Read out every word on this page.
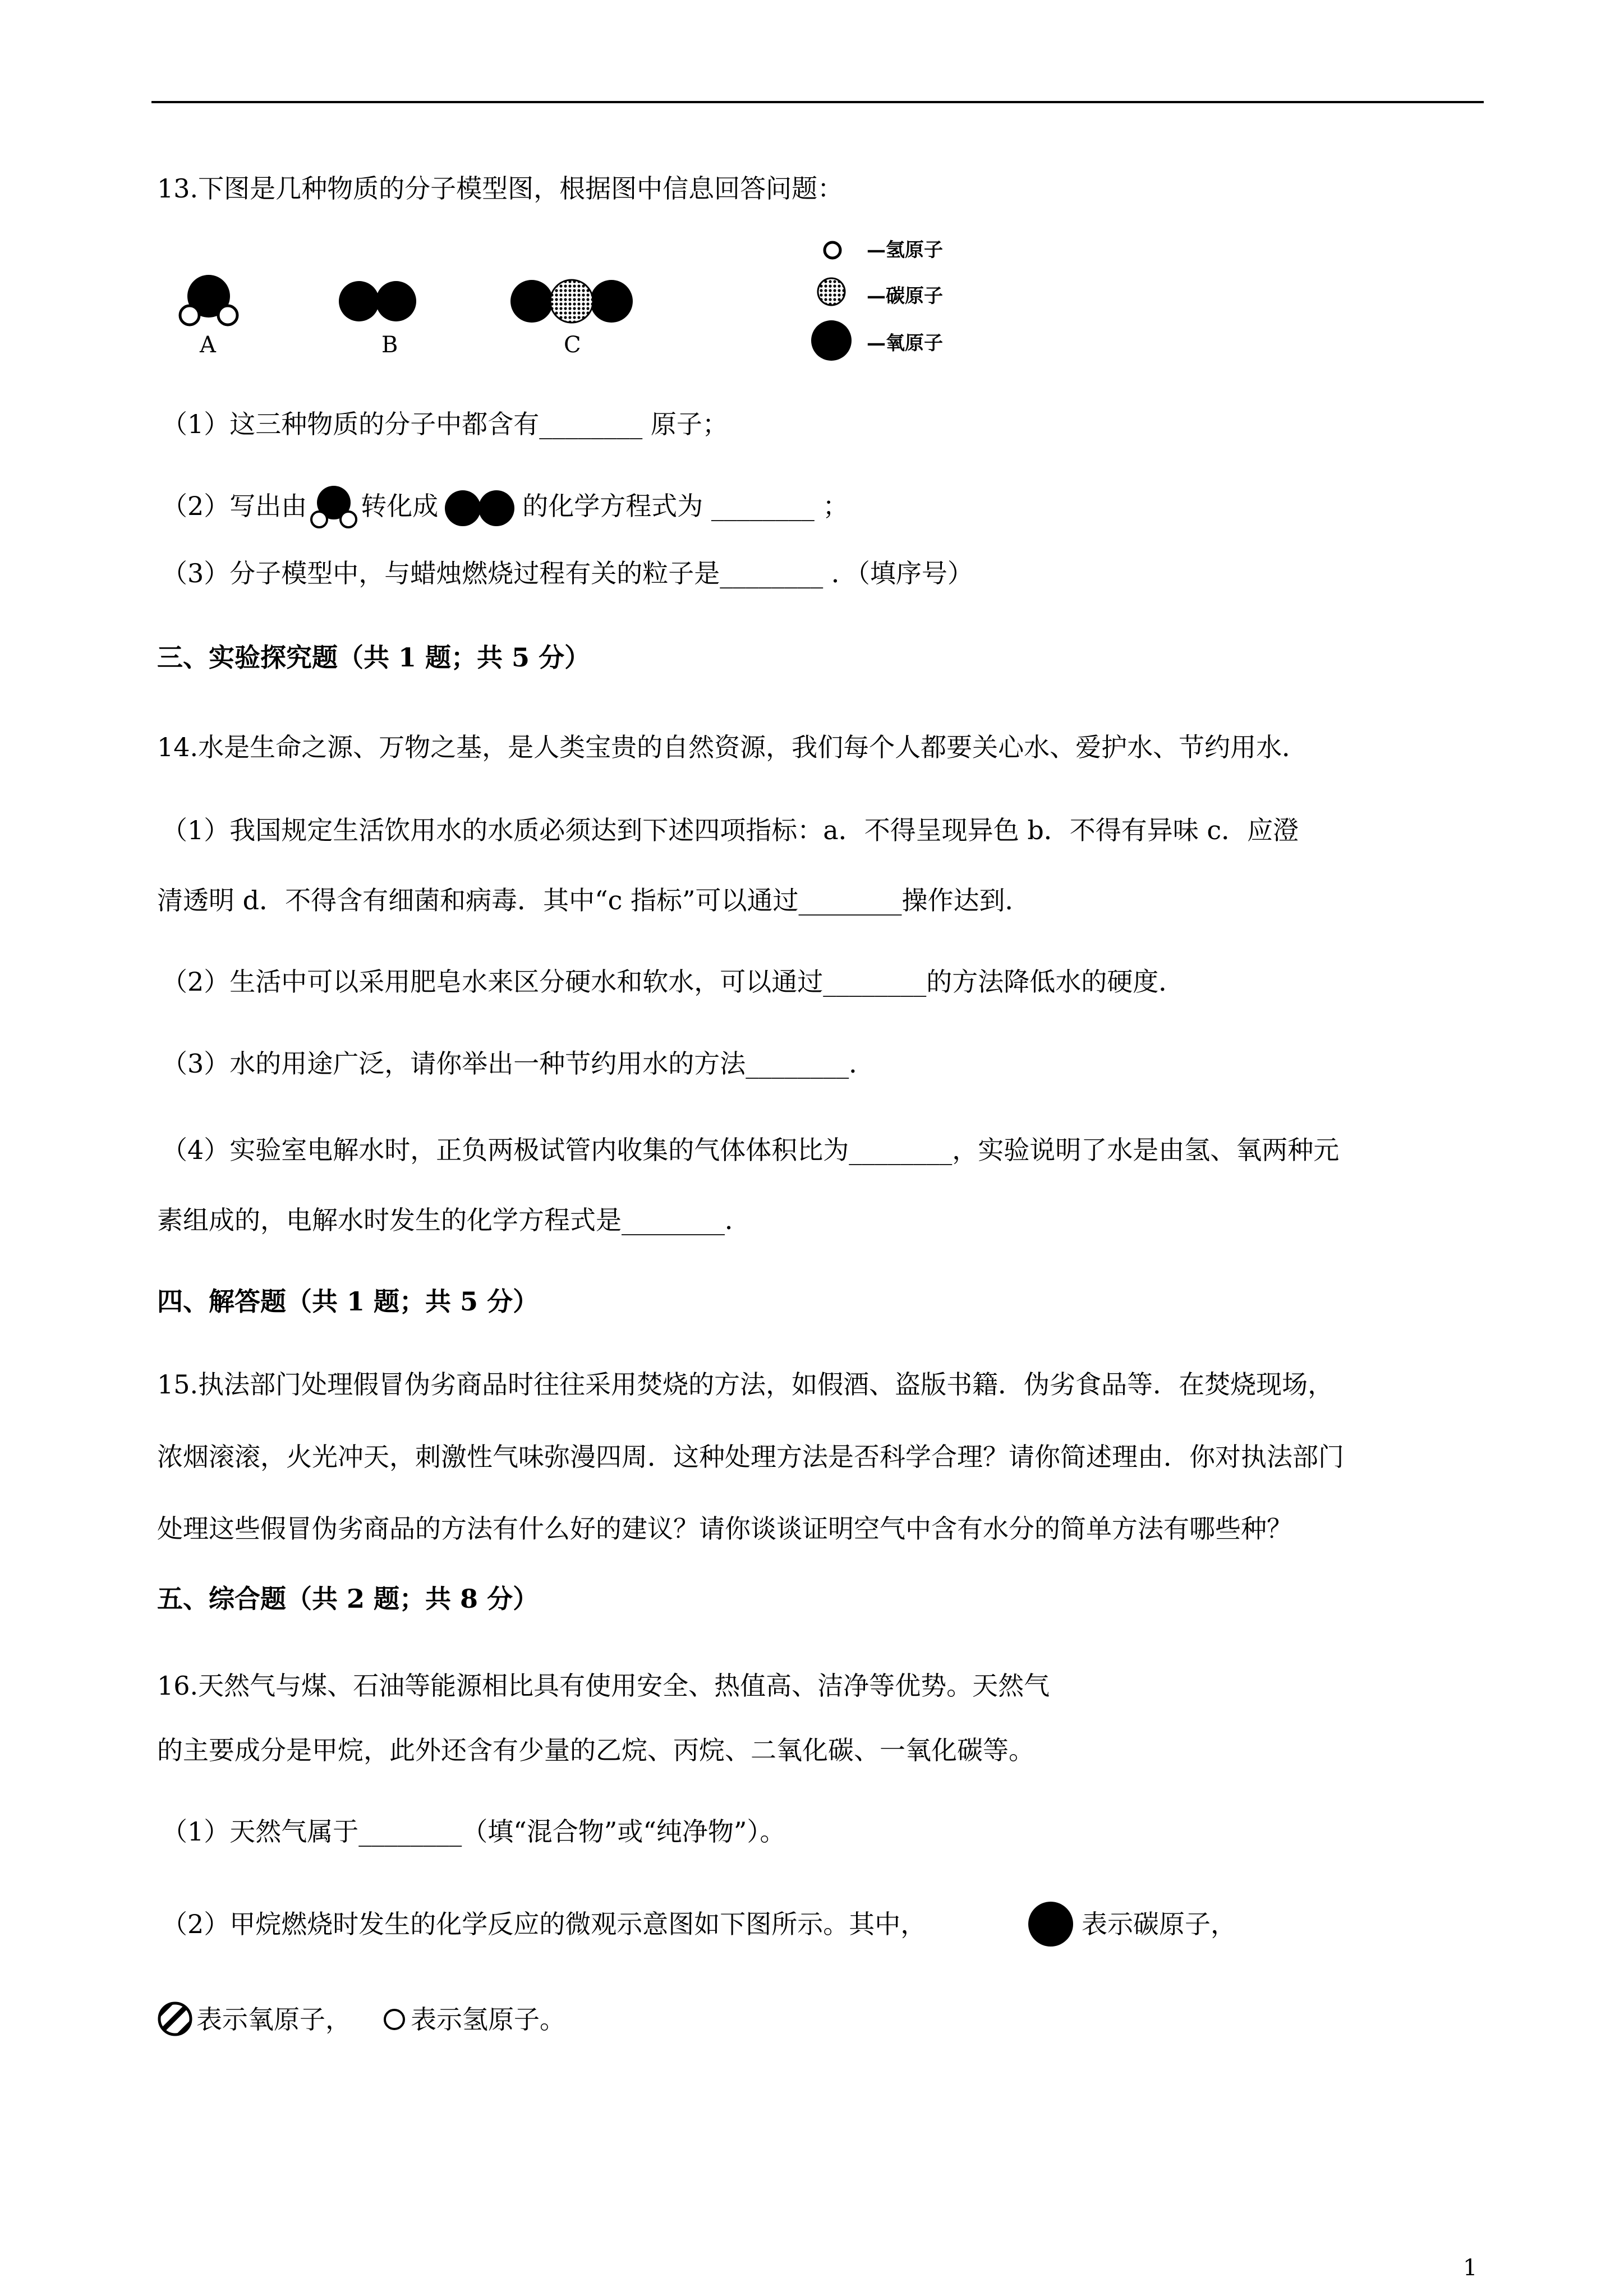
13.下图是几种物质的分子模型图，根据图中信息回答问题：

A	B	C

—氢原子

—碳原子

—氧原子

（1）这三种物质的分子中都含有________ 原子；

（2）写出由 转化成	的化学方程式为 ________ ；

（3）分子模型中，与蜡烛燃烧过程有关的粒子是________ ．（填序号）

三、实验探究题（共 1 题；共 5 分）

14.水是生命之源、万物之基，是人类宝贵的自然资源，我们每个人都要关心水、爱护水、节约用水．

（1）我国规定生活饮用水的水质必须达到下述四项指标：a．不得呈现异色 b．不得有异味 c．应澄

清透明 d．不得含有细菌和病毒．其中“c 指标”可以通过________操作达到．

（2）生活中可以采用肥皂水来区分硬水和软水，可以通过________的方法降低水的硬度．

（3）水的用途广泛，请你举出一种节约用水的方法________．

（4）实验室电解水时，正负两极试管内收集的气体体积比为________，实验说明了水是由氢、氧两种元

素组成的，电解水时发生的化学方程式是________．

四、解答题（共 1 题；共 5 分）

15.执法部门处理假冒伪劣商品时往往采用焚烧的方法，如假酒、盗版书籍．伪劣食品等．在焚烧现场，

浓烟滚滚，火光冲天，刺激性气味弥漫四周．这种处理方法是否科学合理？请你简述理由．你对执法部门

处理这些假冒伪劣商品的方法有什么好的建议？请你谈谈证明空气中含有水分的简单方法有哪些种？

五、综合题（共 2 题；共 8 分）

16.天然气与煤、石油等能源相比具有使用安全、热值高、洁净等优势。天然气

的主要成分是甲烷，此外还含有少量的乙烷、丙烷、二氧化碳、一氧化碳等。

（1）天然气属于________（填“混合物”或“纯净物”）。

（2）甲烷燃烧时发生的化学反应的微观示意图如下图所示。其中，	表示碳原子，

表示氧原子， 表示氢原子。

1
